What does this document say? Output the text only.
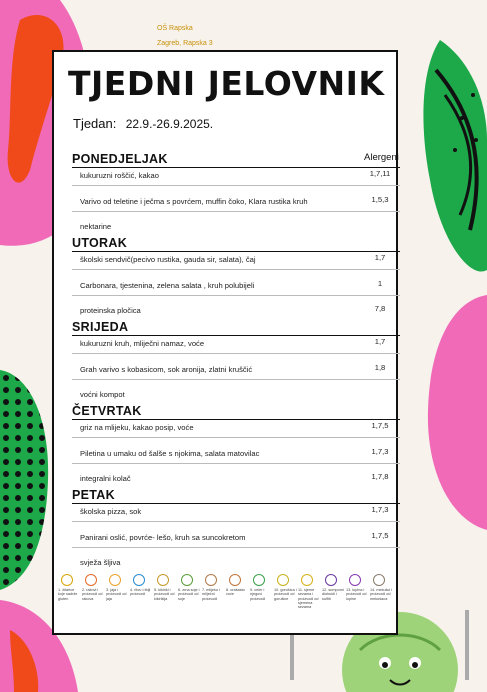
OŠ Rapska
Zagreb, Rapska 3
TJEDNI JELOVNIK
Tjedan: 22.9.-26.9.2025.
Alergeni
PONEDJELJAK
kukuruzni roščić, kakao	1,7,11
Varivo od teletine i ječma s povrćem, muffin čoko, Klara rustika kruh	1,5,3
nektarine
UTORAK
školski sendvič(pecivo rustika, gauda sir, salata), čaj	1,7
Carbonara, tjestenina, zelena salata , kruh polubijeli	1
proteinska pločica	7,8
SRIJEDA
kukuruzni kruh, mliječni namaz, voće	1,7
Grah varivo s kobasicom, sok aronija, zlatni kruščić	1,8
voćni kompot
ČETVRTAK
griz na mlijeku, kakao posip, voće	1,7,5
Piletina u umaku od šalše s njokima, salata matovilac	1,7,3
integralni kolač	1,7,8
PETAK
školska pizza, sok	1,7,3
Panirani oslić, povrće- lešo, kruh sa suncokretom	1,7,5
svježa šljiva
1. žitarice koje sadrže gluten
2. rakovi i proizvodi od rakova
3. jaja i proizvodi od jaja
4. riba i riblji proizvodi
5. kikiriki i proizvodi od kikirikija
6. zrna soje i proizvodi od soje
7. mlijeko i mliječni proizvodi
8. orašasto voće
9. celer i njegovi proizvodi
10. gorušica i proizvodi od gorušice
11. sjeme sezama i proizvodi od sjemena sezama
12. sumporni dioksidi i sulfiti
13. lupina i proizvodi od lupine
14. mekušci i proizvodi od mekušaca
